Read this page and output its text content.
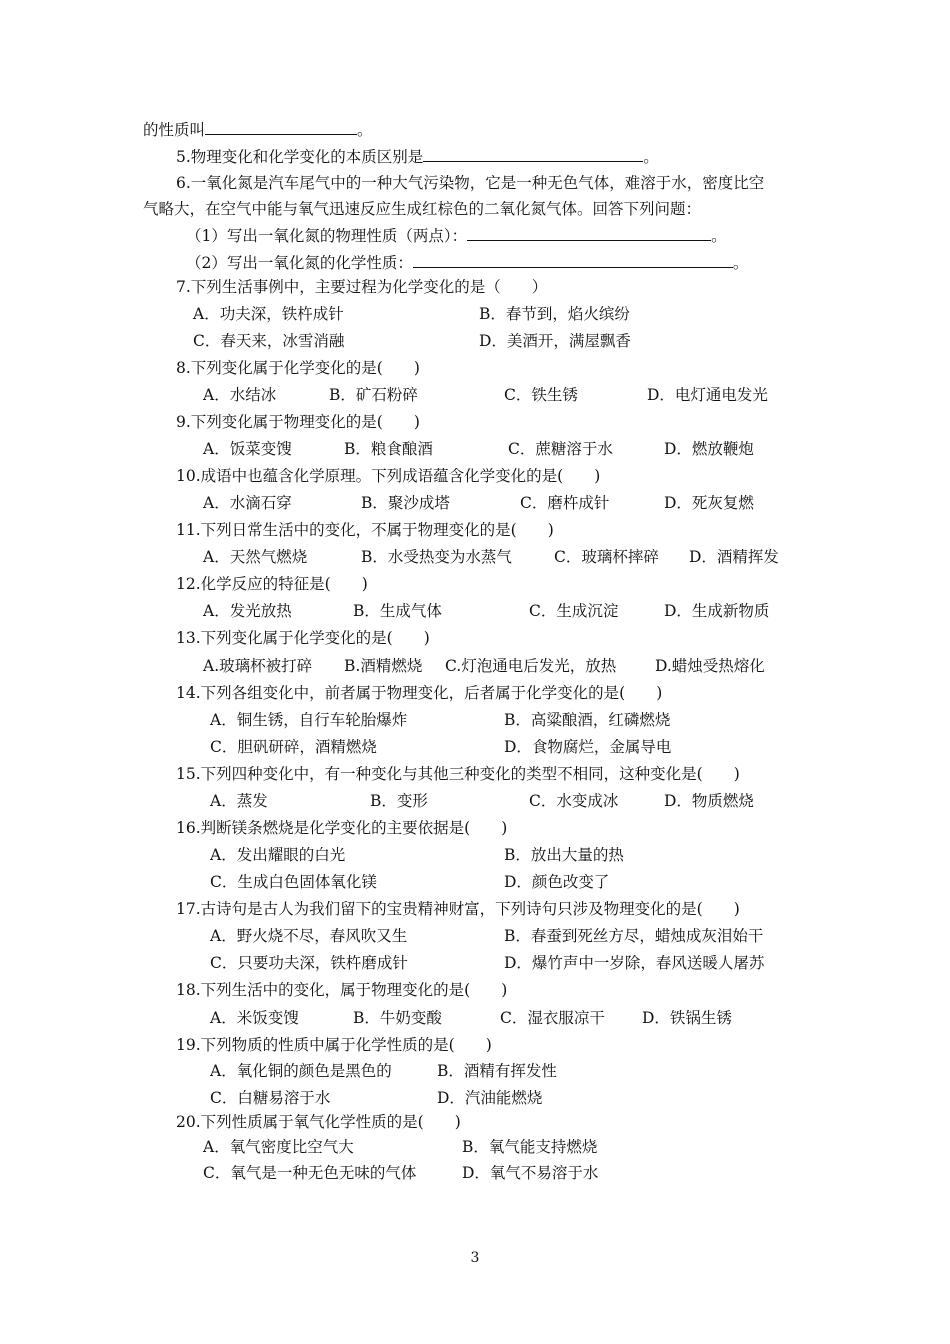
的性质叫	。
5.物理变化和化学变化的本质区别是	。
6.一氧化氮是汽车尾气中的一种大气污染物，它是一种无色气体，难溶于水，密度比空
气略大，在空气中能与氧气迅速反应生成红棕色的二氧化氮气体。回答下列问题：
（1）写出一氧化氮的物理性质（两点）：	。
（2）写出一氧化氮的化学性质：	。
7.下列生活事例中，主要过程为化学变化的是（　　）
A．功夫深，铁杵成针	B．春节到，焰火缤纷
C．春天来，冰雪消融	D．美酒开，满屋飘香
8.下列变化属于化学变化的是(　　)
A．水结冰	B．矿石粉碎	C．铁生锈	D．电灯通电发光
9.下列变化属于物理变化的是(　　)
A．饭菜变馊	B．粮食酿酒	C．蔗糖溶于水	D．燃放鞭炮
10.成语中也蕴含化学原理。下列成语蕴含化学变化的是(　　)
A．水滴石穿	B．聚沙成塔	C．磨杵成针	D．死灰复燃
11.下列日常生活中的变化，不属于物理变化的是(　　)
A．天然气燃烧	B．水受热变为水蒸气	C．玻璃杯摔碎 D．酒精挥发
12.化学反应的特征是(　　)
A．发光放热	B．生成气体	C．生成沉淀	D．生成新物质
13.下列变化属于化学变化的是(　　)
A.玻璃杯被打碎 B.酒精燃烧 C.灯泡通电后发光，放热	D.蜡烛受热熔化
14.下列各组变化中，前者属于物理变化，后者属于化学变化的是(　　)
A．铜生锈，自行车轮胎爆炸	B．高粱酿酒，红磷燃烧
C．胆矾研碎，酒精燃烧	D．食物腐烂，金属导电
15.下列四种变化中，有一种变化与其他三种变化的类型不相同，这种变化是(　　)
A．蒸发	B．变形	C．水变成冰	D．物质燃烧
16.判断镁条燃烧是化学变化的主要依据是(　　)
A．发出耀眼的白光	B．放出大量的热
C．生成白色固体氧化镁	D．颜色改变了
17.古诗句是古人为我们留下的宝贵精神财富，下列诗句只涉及物理变化的是(　　)
A．野火烧不尽，春风吹又生	B．春蚕到死丝方尽，蜡烛成灰泪始干
C．只要功夫深，铁杵磨成针	D．爆竹声中一岁除，春风送暖人屠苏
18.下列生活中的变化，属于物理变化的是(　　)
A．米饭变馊	B．牛奶变酸	C．湿衣服凉干 D．铁锅生锈
19.下列物质的性质中属于化学性质的是(　　)
A．氧化铜的颜色是黑色的	B．酒精有挥发性
C．白糖易溶于水	D．汽油能燃烧
20.下列性质属于氧气化学性质的是(　　)
A．氧气密度比空气大	B．氧气能支持燃烧
C．氧气是一种无色无味的气体	D．氧气不易溶于水
3
